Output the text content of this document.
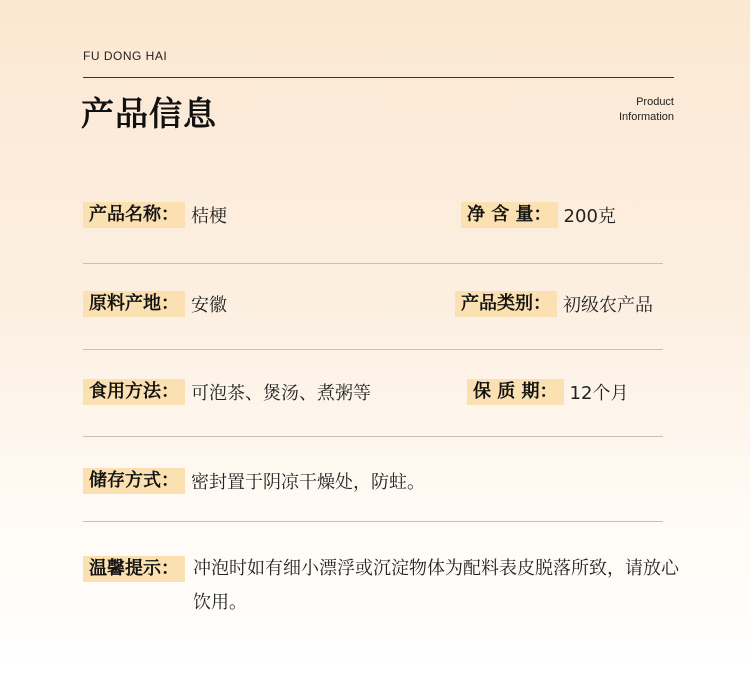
FU DONG HAI
产品信息	Product
Information
产品名称： 桔梗	净 含 量： 200克
原料产地： 安徽	产品类别： 初级农产品
食用方法： 可泡茶、煲汤、煮粥等	保 质 期： 12个月
储存方式： 密封置于阴凉干燥处，防蛀。
温馨提示： 冲泡时如有细小漂浮或沉淀物体为配料表皮脱落所致，请放心饮用。
